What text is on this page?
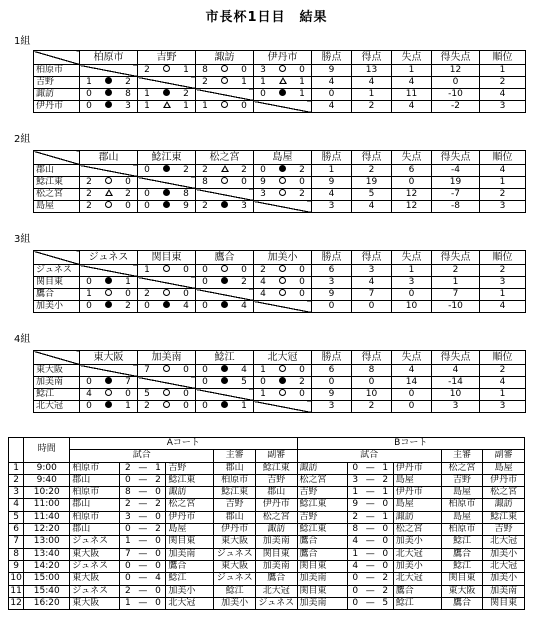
市長杯1日目　結果
1組
	柏原市	吉野	諏訪	伊丹市	勝点	得点	失点	得失点	順位
柏原市		2 1	8 0	3 0	9	13	1	12	1
吉野	1 2		2 1	1 1	4	4	4	0	2
諏訪	0 8	1 2		0 1	0	1	11	-10	4
伊丹市	0 3	1 1	1 0		4	2	4	-2	3
2組
	郡山	鯰江東	松之宮	島屋	勝点	得点	失点	得失点	順位
郡山		0 2	2 2	0 2	1	2	6	-4	4
鯰江東	2 0		8 0	9 0	9	19	0	19	1
松之宮	2 2	0 8		3 2	4	5	12	-7	2
島屋	2 0	0 9	2 3		3	4	12	-8	3
3組
	ジュネス	関目東	鷹合	加美小	勝点	得点	失点	得失点	順位
ジュネス		1 0	0 0	2 0	6	3	1	2	2
関目東	0 1		0 2	4 0	3	4	3	1	3
鷹合	1 0	2 0		4 0	9	7	0	7	1
加美小	0 2	0 4	0 4		0	0	10	-10	4
4組
	東大阪	加美南	鯰江	北大冠	勝点	得点	失点	得失点	順位
東大阪		7 0	0 4	1 0	6	8	4	4	2
加美南	0 7		0 5	0 2	0	0	14	-14	4
鯰江	4 0	5 0		1 0	9	10	0	10	1
北大冠	0 1	2 0	0 1		3	2	0	3	3
	時間	Aコート							Bコート						
		試合					主審	副審	試合					主審	副審
1	9:00	柏原市	2	—	1	吉野	郡山	鯰江東	諏訪	0	—	1	伊丹市	松之宮	島屋
2	9:40	郡山	0	—	2	鯰江東	柏原市	吉野	松之宮	3	—	2	島屋	吉野	伊丹市
3	10:20	柏原市	8	—	0	諏訪	鯰江東	郡山	吉野	1	—	1	伊丹市	島屋	松之宮
4	11:00	郡山	2	—	2	松之宮	吉野	伊丹市	鯰江東	9	—	0	島屋	柏原市	諏訪
5	11:40	柏原市	3	—	0	伊丹市	郡山	松之宮	吉野	2	—	1	諏訪	島屋	鯰江東
6	12:20	郡山	0	—	2	島屋	伊丹市	諏訪	鯰江東	8	—	0	松之宮	柏原市	吉野
7	13:00	ジュネス	1	—	0	関目東	東大阪	加美南	鷹合	4	—	0	加美小	鯰江	北大冠
8	13:40	東大阪	7	—	0	加美南	ジュネス	関目東	鷹合	1	—	0	北大冠	鷹合	加美小
9	14:20	ジュネス	0	—	0	鷹合	東大阪	加美南	関目東	4	—	0	加美小	鯰江	北大冠
10	15:00	東大阪	0	—	4	鯰江	ジュネス	鷹合	加美南	0	—	2	北大冠	関目東	加美小
11	15:40	ジュネス	2	—	0	加美小	鯰江	北大冠	関目東	0	—	2	鷹合	東大阪	加美南
12	16:20	東大阪	1	—	0	北大冠	加美小	ジュネス	加美南	0	—	5	鯰江	鷹合	関目東
